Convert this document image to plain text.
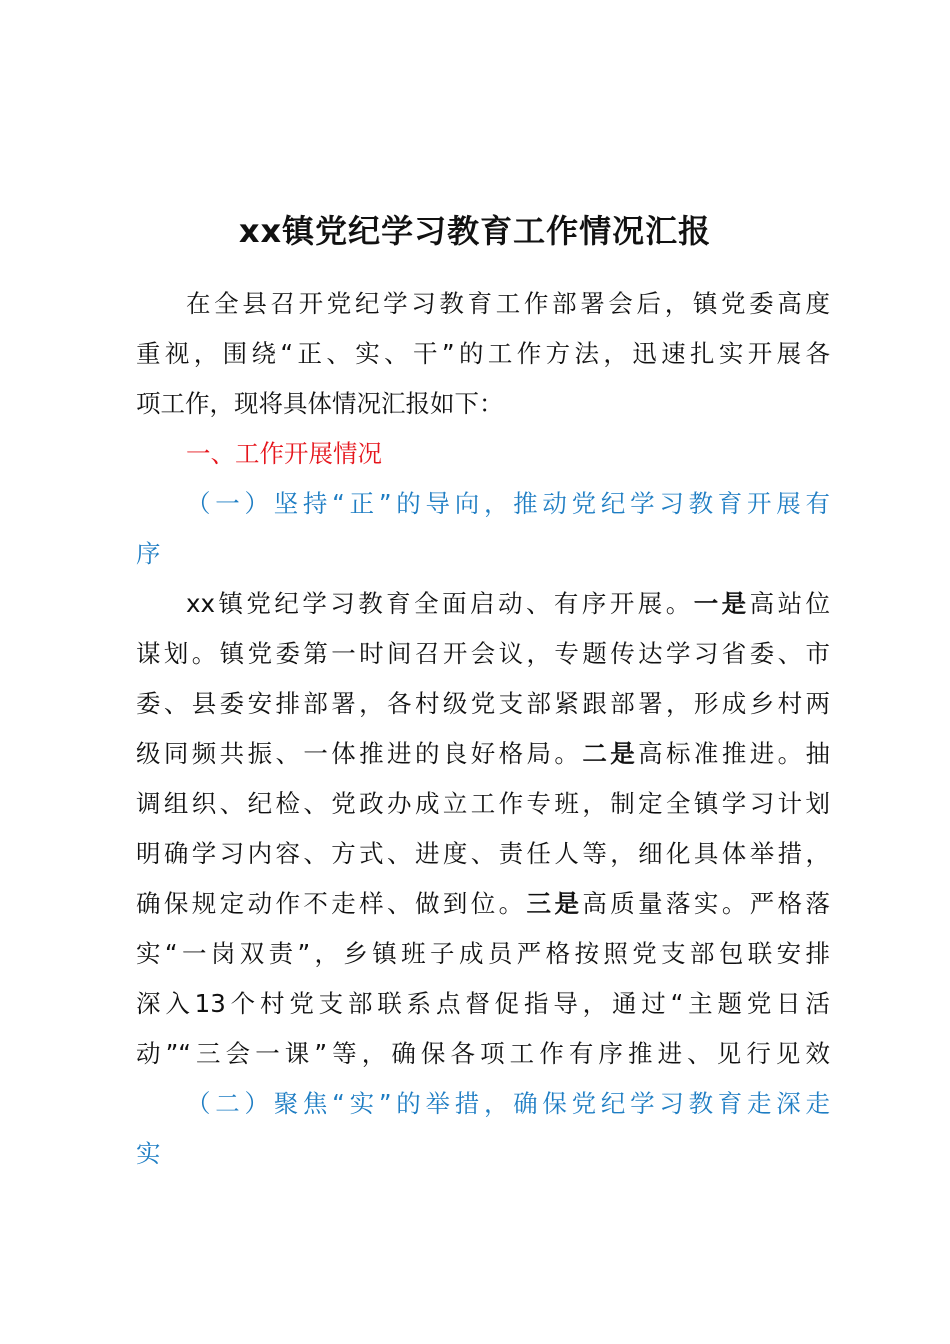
xx镇党纪学习教育工作情况汇报

在全县召开党纪学习教育工作部署会后，镇党委高度

重视，围绕“正、实、干”的工作方法，迅速扎实开展各

项工作，现将具体情况汇报如下：

一、工作开展情况

（一）坚持“正”的导向，推动党纪学习教育开展有

序

xx镇党纪学习教育全面启动、有序开展。一是高站位

谋划。镇党委第一时间召开会议，专题传达学习省委、市

委、县委安排部署，各村级党支部紧跟部署，形成乡村两

级同频共振、一体推进的良好格局。二是高标准推进。抽

调组织、纪检、党政办成立工作专班，制定全镇学习计划

明确学习内容、方式、进度、责任人等，细化具体举措，

确保规定动作不走样、做到位。三是高质量落实。严格落

实“一岗双责”，乡镇班子成员严格按照党支部包联安排

深入13个村党支部联系点督促指导，通过“主题党日活

动”“三会一课”等，确保各项工作有序推进、见行见效

（二）聚焦“实”的举措，确保党纪学习教育走深走

实
